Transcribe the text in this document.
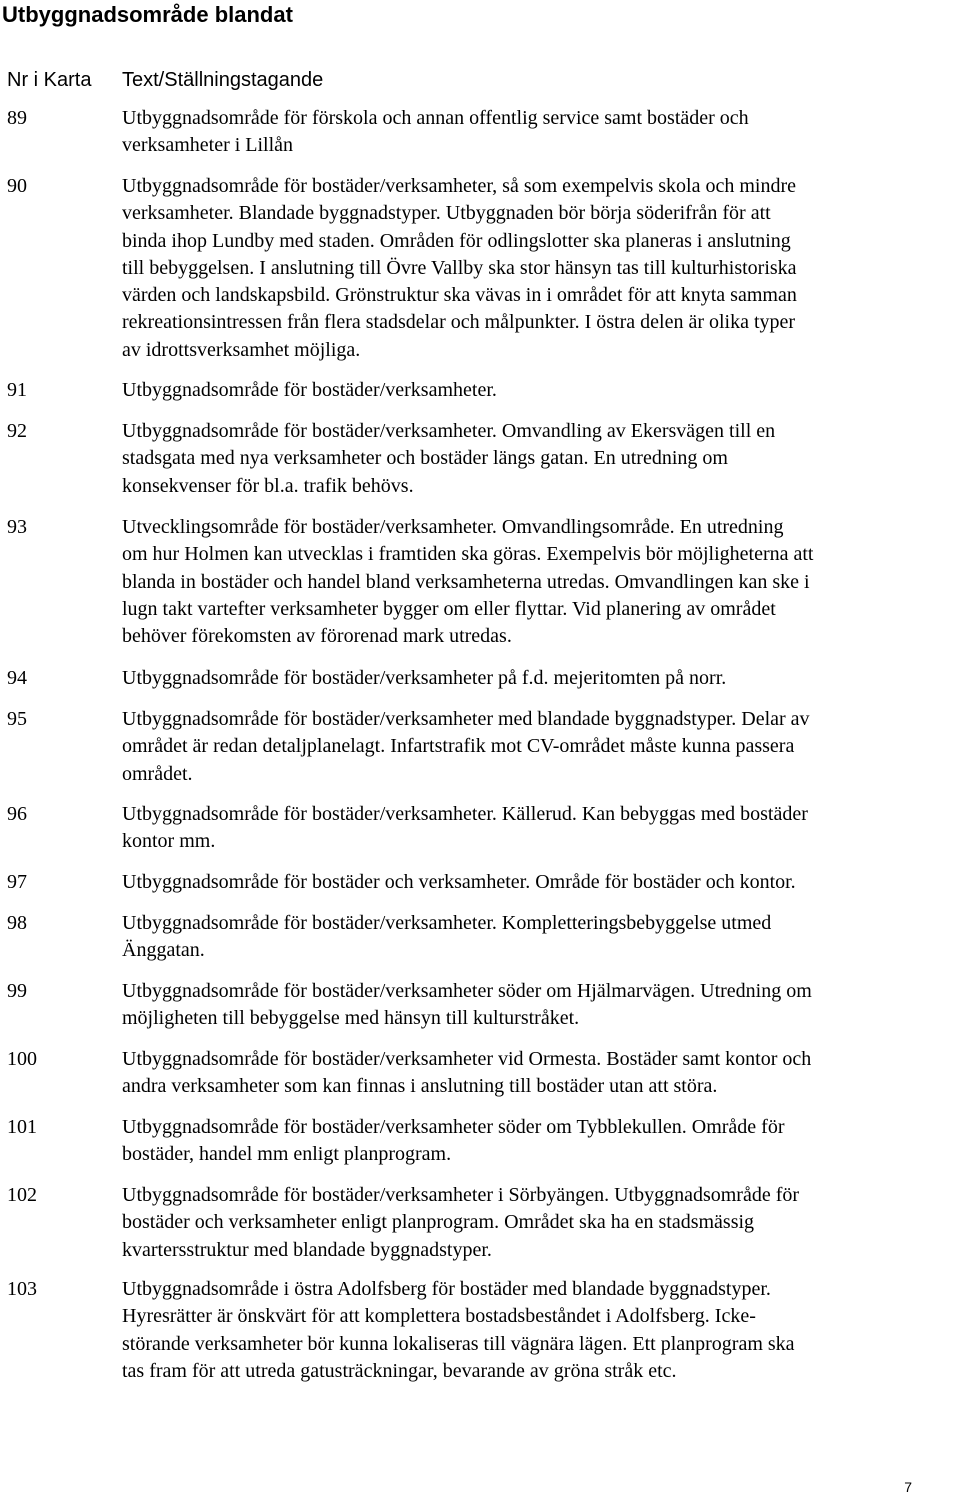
Utbyggnadsområde blandat
Nr i Karta Text/Ställningstagande
89	Utbyggnadsområde för förskola och annan offentlig service samt bostäder och
verksamheter i Lillån
90	Utbyggnadsområde för bostäder/verksamheter, så som exempelvis skola och mindre
verksamheter. Blandade byggnadstyper. Utbyggnaden bör börja söderifrån för att
binda ihop Lundby med staden. Områden för odlingslotter ska planeras i anslutning
till bebyggelsen. I anslutning till Övre Vallby ska stor hänsyn tas till kulturhistoriska
värden och landskapsbild. Grönstruktur ska vävas in i området för att knyta samman
rekreationsintressen från flera stadsdelar och målpunkter. I östra delen är olika typer
av idrottsverksamhet möjliga.
91	Utbyggnadsområde för bostäder/verksamheter.
92	Utbyggnadsområde för bostäder/verksamheter. Omvandling av Ekersvägen till en
stadsgata med nya verksamheter och bostäder längs gatan. En utredning om
konsekvenser för bl.a. trafik behövs.
93	Utvecklingsområde för bostäder/verksamheter. Omvandlingsområde. En utredning
om hur Holmen kan utvecklas i framtiden ska göras. Exempelvis bör möjligheterna att
blanda in bostäder och handel bland verksamheterna utredas. Omvandlingen kan ske i
lugn takt vartefter verksamheter bygger om eller flyttar. Vid planering av området
behöver förekomsten av förorenad mark utredas.
94	Utbyggnadsområde för bostäder/verksamheter på f.d. mejeritomten på norr.
95	Utbyggnadsområde för bostäder/verksamheter med blandade byggnadstyper. Delar av
området är redan detaljplanelagt. Infartstrafik mot CV-området måste kunna passera
området.
96	Utbyggnadsområde för bostäder/verksamheter. Källerud. Kan bebyggas med bostäder
kontor mm.
97	Utbyggnadsområde för bostäder och verksamheter. Område för bostäder och kontor.
98	Utbyggnadsområde för bostäder/verksamheter. Kompletteringsbebyggelse utmed
Änggatan.
99	Utbyggnadsområde för bostäder/verksamheter söder om Hjälmarvägen. Utredning om
möjligheten till bebyggelse med hänsyn till kulturstråket.
100	Utbyggnadsområde för bostäder/verksamheter vid Ormesta. Bostäder samt kontor och
andra verksamheter som kan finnas i anslutning till bostäder utan att störa.
101	Utbyggnadsområde för bostäder/verksamheter söder om Tybblekullen. Område för
bostäder, handel mm enligt planprogram.
102	Utbyggnadsområde för bostäder/verksamheter i Sörbyängen. Utbyggnadsområde för
bostäder och verksamheter enligt planprogram. Området ska ha en stadsmässig
kvartersstruktur med blandade byggnadstyper.
103	Utbyggnadsområde i östra Adolfsberg för bostäder med blandade byggnadstyper.
Hyresrätter är önskvärt för att komplettera bostadsbeståndet i Adolfsberg. Icke-
störande verksamheter bör kunna lokaliseras till vägnära lägen. Ett planprogram ska
tas fram för att utreda gatusträckningar, bevarande av gröna stråk etc.
7
